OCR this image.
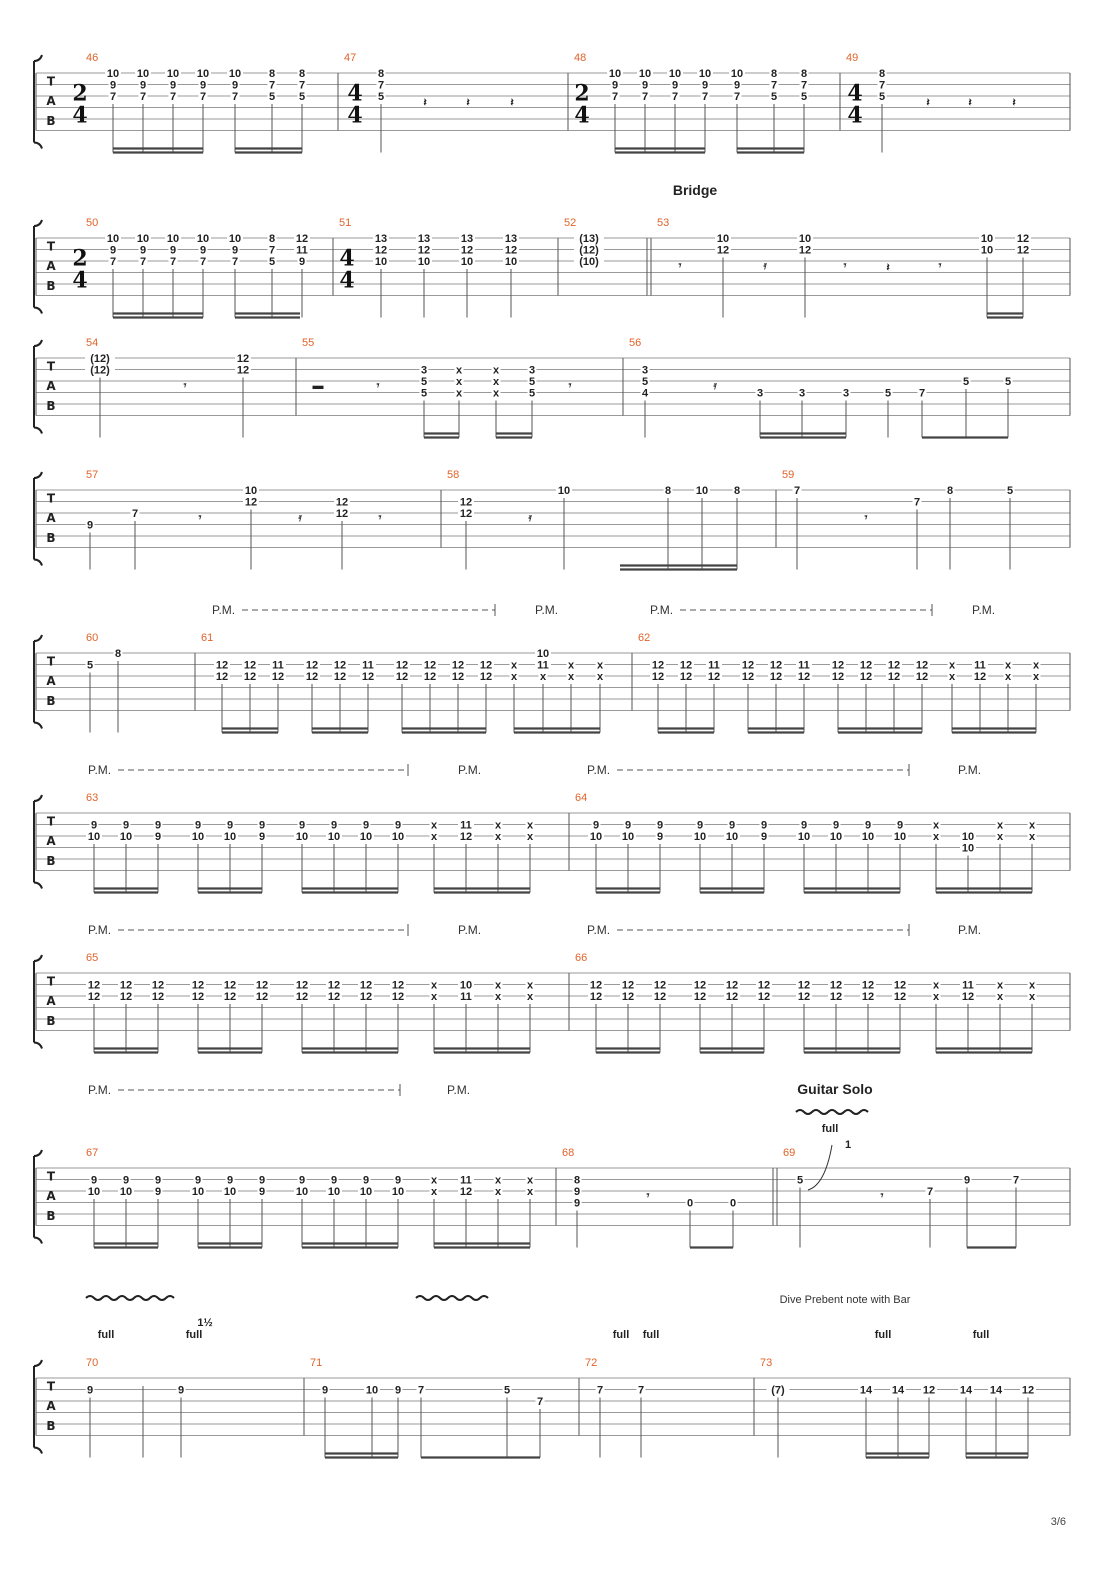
T
A
B
46	47	48	49
T
A
B
50	51	52	53
T
A
B
54	55	56
T
A
B
57	58	59
T
A
B
60	61	62
T
A
B
63	64
T
A
B
65	66
T
A
B
67	68	69
T
A
B
70	71	72	73
2
4
4
4
2
4
4
4
2
4
4
4
10
9
7
10
9
7
10
9
7
10
9
7
10
9
7
8
7
5
8
7
5
8
7
5	𝄽	𝄽	𝄽
10
9
7
10
9
7
10
9
7
10
9
7
10
9
7
8
7
5
8
7
5
8
7
5	𝄽	𝄽	𝄽
Bridge
10
9
7
10
9
7
10
9
7
10
9
7
10
9
7
8
7
5
12
11
9
13
12
10
13
12
10
13
12
10
13
12
10
(13)
(12)
(10)
10
12
10
12
𝄾	𝄿	𝄾	𝄽	𝄾
10
10
12
12
(12)
(12)
𝄾
12
12
▬	𝄾
3
5
5
x
x
x
x
x
x
3
5
5
𝄾
3
5
4
𝄿
3	3	3	5	7
5	5
9
7	𝄾
10
12
𝄿
12
12	𝄾
12
12	𝄿
10	8 10 8	7
𝄾
7
8	5
P.M.	P.M.	P.M.	P.M.
5
8
12
12
12
12
11
12
12
12
12
12
11
12
12
12
12
12
12
12
12
12
x
x
10
11
x
x
x
x
x
12
12
12
12
11
12
12
12
12
12
11
12
12
12
12
12
12
12
12
12
x
x
11
12
x
x
x
x
P.M.	P.M.	P.M.	P.M.
9
10
9
10
9
9
9
10
9
10
9
9
9
10
9
10
9
10
9
10
x
x
11
12
x
x
x
x
9
10
9
10
9
9
9
10
9
10
9
9
9
10
9
10
9
10
9
10
x
x 10
10
x
x
x
x
P.M.	P.M.	P.M.	P.M.
12
12
12
12
12
12
12
12
12
12
12
12
12
12
12
12
12
12
12
12
x
x
10
11
x
x
x
x
12
12
12
12
12
12
12
12
12
12
12
12
12
12
12
12
12
12
12
12
x
x
11
12
x
x
x
x
P.M.	P.M.	Guitar Solo
9
10
9
10
9
9
9
10
9
10
9
9
9
10
9
10
9
10
9
10
x
x
11
12
x
x
x
x
8
9
9
𝄾
0	0
5
full
1
𝄾	7
9	7
Dive Prebent note with Bar
full	full
1½
full full	full	full
9	9	9	10 9 7	5
7
7	7	(7)	14 14 12 14 14 12
3/6
